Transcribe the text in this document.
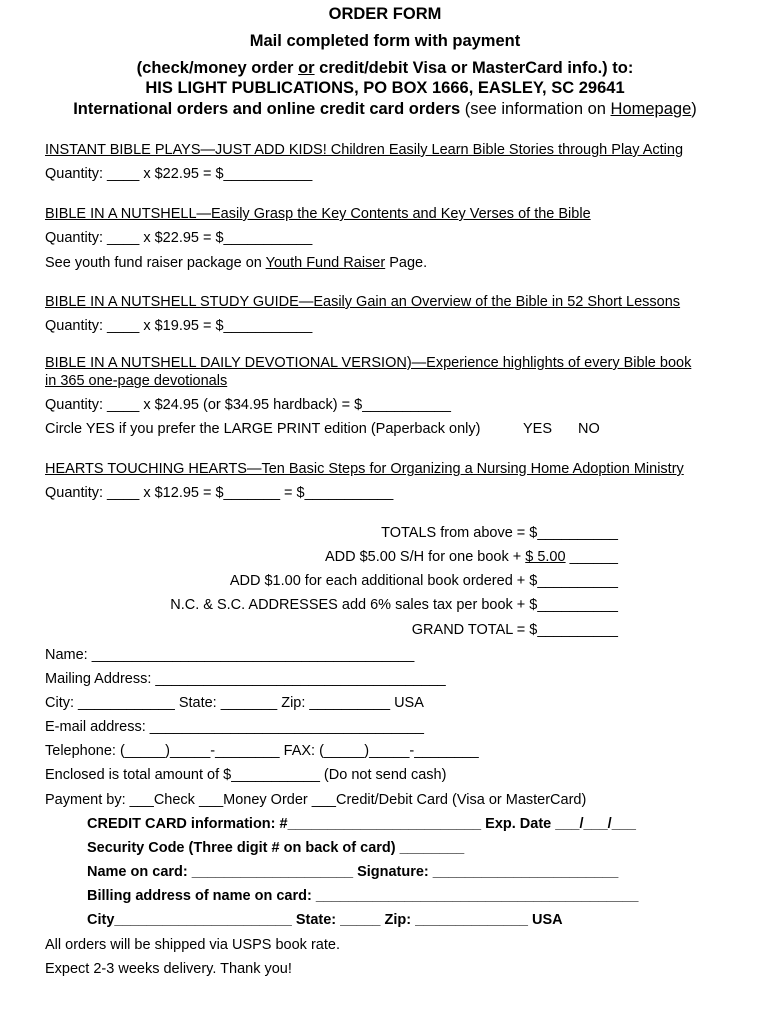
ORDER FORM
Mail completed form with payment
(check/money order or credit/debit Visa or MasterCard info.) to:
HIS LIGHT PUBLICATIONS, PO BOX 1666, EASLEY, SC 29641
International orders and online credit card orders (see information on Homepage)
INSTANT BIBLE PLAYS—JUST ADD KIDS! Children Easily Learn Bible Stories through Play Acting
Quantity: ____ x $22.95 = $___________
BIBLE IN A NUTSHELL—Easily Grasp the Key Contents and Key Verses of the Bible
Quantity: ____ x $22.95 = $___________
See youth fund raiser package on Youth Fund Raiser Page.
BIBLE IN A NUTSHELL STUDY GUIDE—Easily Gain an Overview of the Bible in 52 Short Lessons
Quantity: ____ x $19.95 = $___________
BIBLE IN A NUTSHELL DAILY DEVOTIONAL VERSION)—Experience highlights of every Bible book
in 365 one-page devotionals
Quantity: ____ x $24.95 (or $34.95 hardback) = $___________
Circle YES if you prefer the LARGE PRINT edition (Paperback only)	YES NO
HEARTS TOUCHING HEARTS—Ten Basic Steps for Organizing a Nursing Home Adoption Ministry
Quantity: ____ x $12.95 = $_______ = $___________
TOTALS from above = $__________
ADD $5.00 S/H for one book + $ 5.00 ______
ADD $1.00 for each additional book ordered + $__________
N.C. & S.C. ADDRESSES add 6% sales tax per book + $__________
GRAND TOTAL = $__________
Name: ________________________________________
Mailing Address: ____________________________________
City: ____________ State: _______ Zip: __________ USA
E-mail address: __________________________________
Telephone: (_____)_____-________ FAX: (_____)_____-________
Enclosed is total amount of $___________ (Do not send cash)
Payment by: ___Check ___Money Order ___Credit/Debit Card (Visa or MasterCard)
CREDIT CARD information: #________________________ Exp. Date ___/___/___
Security Code (Three digit # on back of card) ________
Name on card: ____________________ Signature: _______________________
Billing address of name on card: ________________________________________
City______________________ State: _____ Zip: ______________ USA
All orders will be shipped via USPS book rate.
Expect 2-3 weeks delivery. Thank you!
